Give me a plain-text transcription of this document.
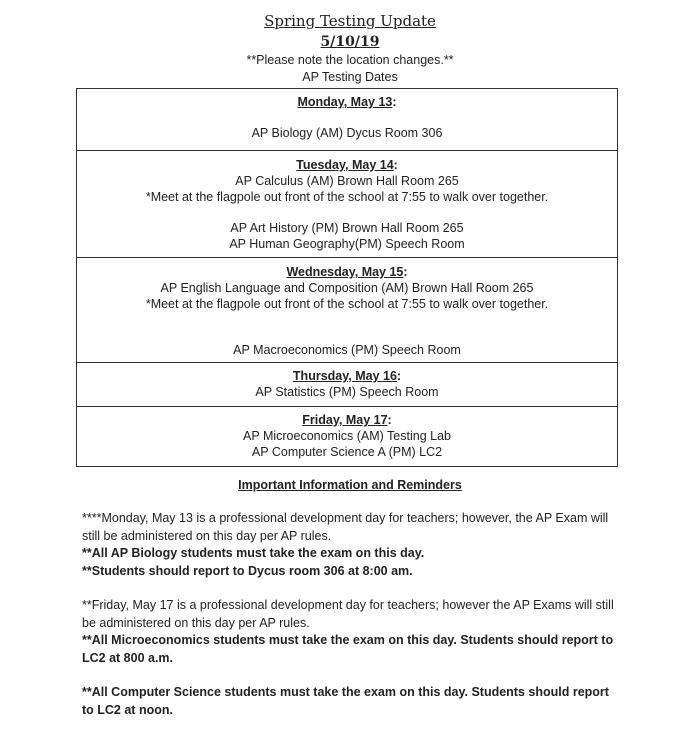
Spring Testing Update
5/10/19
**Please note the location changes.**
AP Testing Dates
Monday, May 13:
AP Biology (AM) Dycus Room 306

Tuesday, May 14:
AP Calculus (AM) Brown Hall Room 265
*Meet at the flagpole out front of the school at 7:55 to walk over together.
AP Art History (PM) Brown Hall Room 265
AP Human Geography(PM) Speech Room

Wednesday, May 15:
AP English Language and Composition (AM) Brown Hall Room 265
*Meet at the flagpole out front of the school at 7:55 to walk over together.
AP Macroeconomics (PM) Speech Room

Thursday, May 16:
AP Statistics (PM) Speech Room

Friday, May 17:
AP Microeconomics (AM) Testing Lab
AP Computer Science A (PM) LC2
Important Information and Reminders

****Monday, May 13 is a professional development day for teachers; however, the AP Exam will still be administered on this day per AP rules.

**All AP Biology students must take the exam on this day.

**Students should report to Dycus room 306 at 8:00 am.

**Friday, May 17 is a professional development day for teachers; however the AP Exams will still be administered on this day per AP rules.

**All Microeconomics students must take the exam on this day. Students should report to LC2 at 800 a.m.

**All Computer Science students must take the exam on this day. Students should report to LC2 at noon.
